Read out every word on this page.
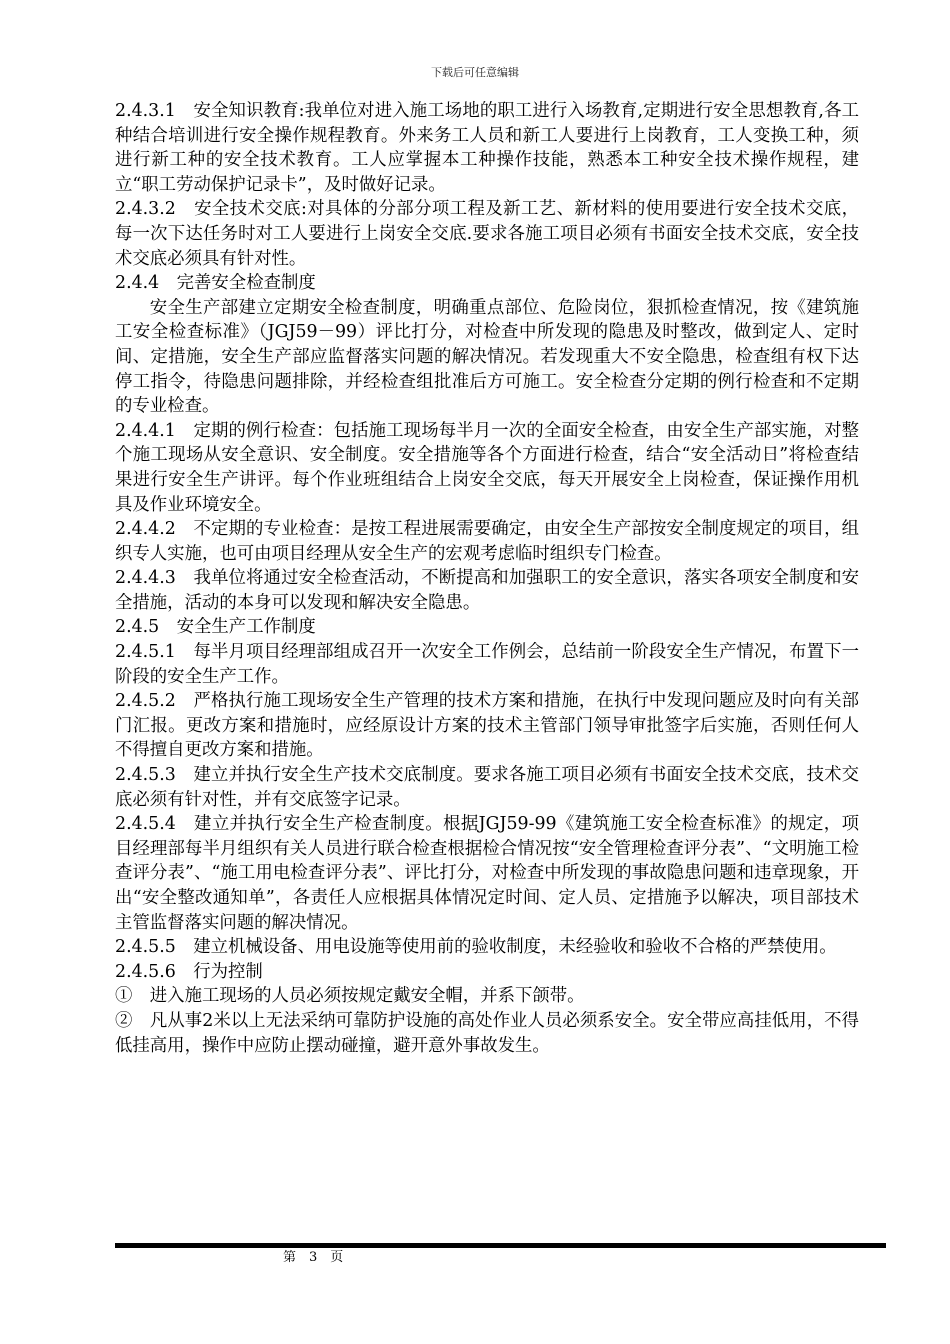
下载后可任意编辑

2.4.3.1　安全知识教育:我单位对进入施工场地的职工进行入场教育,定期进行安全思想教育,各工种结合培训进行安全操作规程教育。外来务工人员和新工人要进行上岗教育，工人变换工种，须进行新工种的安全技术教育。工人应掌握本工种操作技能，熟悉本工种安全技术操作规程，建立“职工劳动保护记录卡”，及时做好记录。

2.4.3.2　安全技术交底:对具体的分部分项工程及新工艺、新材料的使用要进行安全技术交底，每一次下达任务时对工人要进行上岗安全交底.要求各施工项目必须有书面安全技术交底，安全技术交底必须具有针对性。

2.4.4　完善安全检查制度

安全生产部建立定期安全检查制度，明确重点部位、危险岗位，狠抓检查情况，按《建筑施工安全检查标准》（JGJ59－99）评比打分，对检查中所发现的隐患及时整改，做到定人、定时间、定措施，安全生产部应监督落实问题的解决情况。若发现重大不安全隐患，检查组有权下达停工指令，待隐患问题排除，并经检查组批准后方可施工。安全检查分定期的例行检查和不定期的专业检查。

2.4.4.1　定期的例行检查：包括施工现场每半月一次的全面安全检查，由安全生产部实施，对整个施工现场从安全意识、安全制度。安全措施等各个方面进行检查，结合“安全活动日”将检查结果进行安全生产讲评。每个作业班组结合上岗安全交底，每天开展安全上岗检查，保证操作用机具及作业环境安全。

2.4.4.2　不定期的专业检查：是按工程进展需要确定，由安全生产部按安全制度规定的项目，组织专人实施，也可由项目经理从安全生产的宏观考虑临时组织专门检查。

2.4.4.3　我单位将通过安全检查活动，不断提高和加强职工的安全意识，落实各项安全制度和安全措施，活动的本身可以发现和解决安全隐患。

2.4.5　安全生产工作制度

2.4.5.1　每半月项目经理部组成召开一次安全工作例会，总结前一阶段安全生产情况，布置下一阶段的安全生产工作。

2.4.5.2　严格执行施工现场安全生产管理的技术方案和措施，在执行中发现问题应及时向有关部门汇报。更改方案和措施时，应经原设计方案的技术主管部门领导审批签字后实施，否则任何人不得擅自更改方案和措施。

2.4.5.3　建立并执行安全生产技术交底制度。要求各施工项目必须有书面安全技术交底，技术交底必须有针对性，并有交底签字记录。

2.4.5.4　建立并执行安全生产检查制度。根据JGJ59-99《建筑施工安全检查标准》的规定，项目经理部每半月组织有关人员进行联合检查根据检合情况按“安全管理检查评分表”、“文明施工检查评分表”、“施工用电检查评分表”、评比打分，对检查中所发现的事故隐患问题和违章现象，开出“安全整改通知单”，各责任人应根据具体情况定时间、定人员、定措施予以解决，项目部技术主管监督落实问题的解决情况。

2.4.5.5　建立机械设备、用电设施等使用前的验收制度，未经验收和验收不合格的严禁使用。

2.4.5.6　行为控制

①　进入施工现场的人员必须按规定戴安全帽，并系下颌带。

②　凡从事2米以上无法采纳可靠防护设施的高处作业人员必须系安全。安全带应高挂低用，不得低挂高用，操作中应防止摆动碰撞，避开意外事故发生。

第　3　页
